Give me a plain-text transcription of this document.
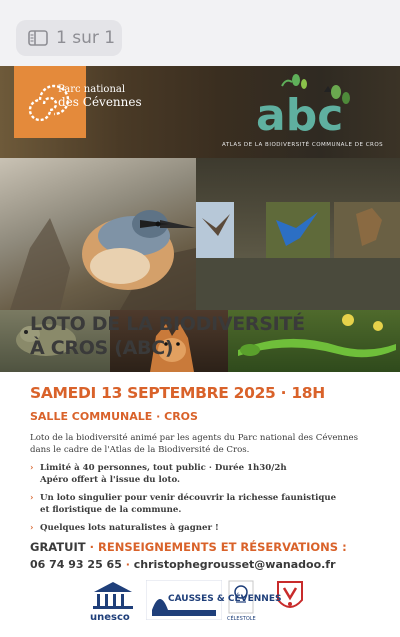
1 sur 1
Parc national
des Cévennes	abc
ATLAS DE LA BIODIVERSITÉ COMMUNALE DE CROS
LOTO DE LA BIODIVERSITÉ
À CROS (ABC)
SAMEDI 13 SEPTEMBRE 2025 · 18H
SALLE COMMUNALE · CROS
Loto de la biodiversité animé par les agents du Parc national des Cévennes dans le cadre de l'Atlas de la Biodiversité de Cros.
› Limité à 40 personnes, tout public · Durée 1h30/2h
Apéro offert à l'issue du loto.
› Un loto singulier pour venir découvrir la richesse faunistique
et floristique de la commune.
› Quelques lots naturalistes à gagner !
GRATUIT · RENSEIGNEMENTS ET RÉSERVATIONS :
06 74 93 25 65 · christophegrousset@wanadoo.fr
unesco
CAUSSES & CÉVENNES
CÉLESTOLE
